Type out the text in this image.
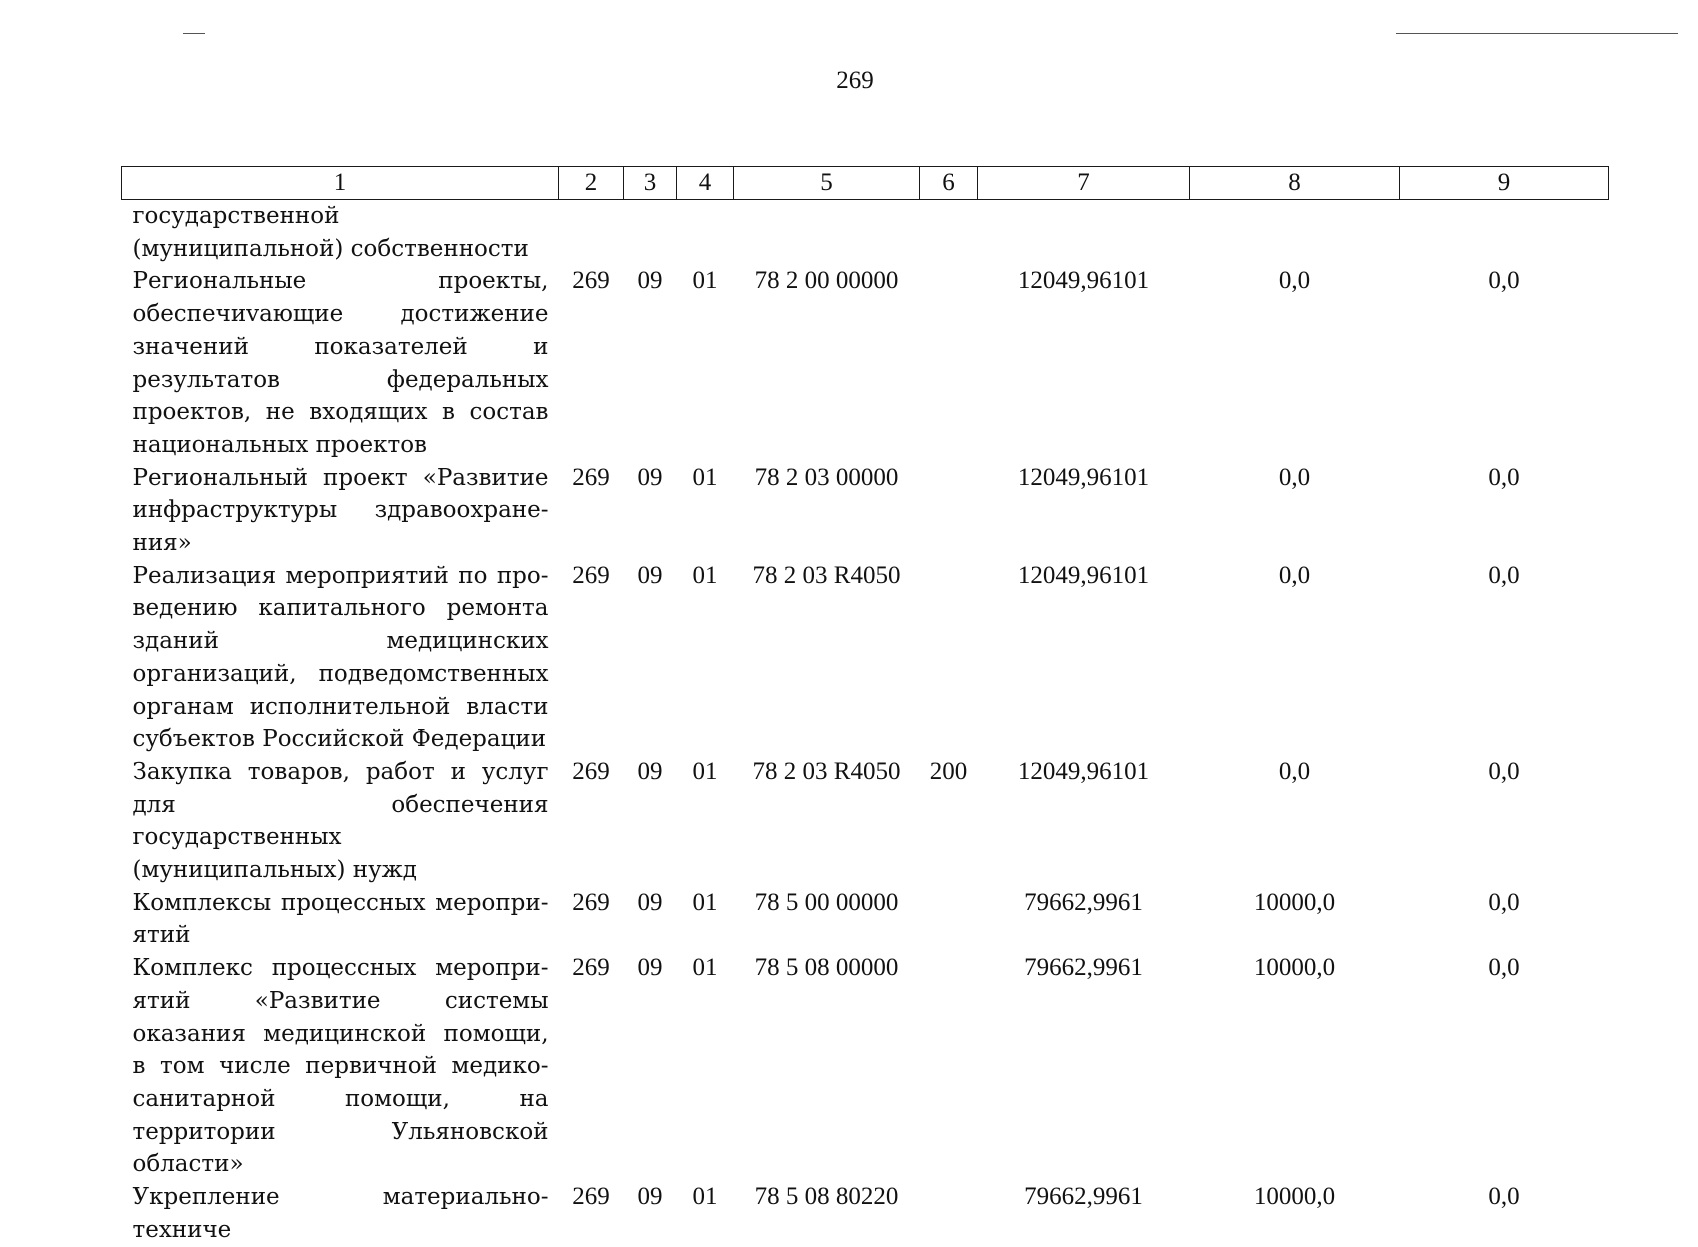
269
1	2	3	4	5	6	7	8	9
государственной (муниципальной) собственности								
Региональные проекты, обеспечиvающие достижение значений показателей и результатов федеральных проектов, не входящих в состав национальных проектов	269	09	01	78 2 00 00000		12049,96101	0,0	0,0
Региональный проект «Развитие инфраструктуры здравоохранения»	269	09	01	78 2 03 00000		12049,96101	0,0	0,0
Реализация мероприятий по проведению капитального ремонта зданий медицинских организаций, подведомственных органам исполнительной власти субъектов Российской Федерации	269	09	01	78 2 03 R4050		12049,96101	0,0	0,0
Закупка товаров, работ и услуг для обеспечения государственных (муниципальных) нужд	269	09	01	78 2 03 R4050	200	12049,96101	0,0	0,0
Комплексы процессных мероприятий	269	09	01	78 5 00 00000		79662,9961	10000,0	0,0
Комплекс процессных мероприятий «Развитие системы оказания медицинской помощи, в том числе первичной медико-санитарной помощи, на территории Ульяновской области»	269	09	01	78 5 08 00000		79662,9961	10000,0	0,0
Укрепление материально-техниче	269	09	01	78 5 08 80220		79662,9961	10000,0	0,0
